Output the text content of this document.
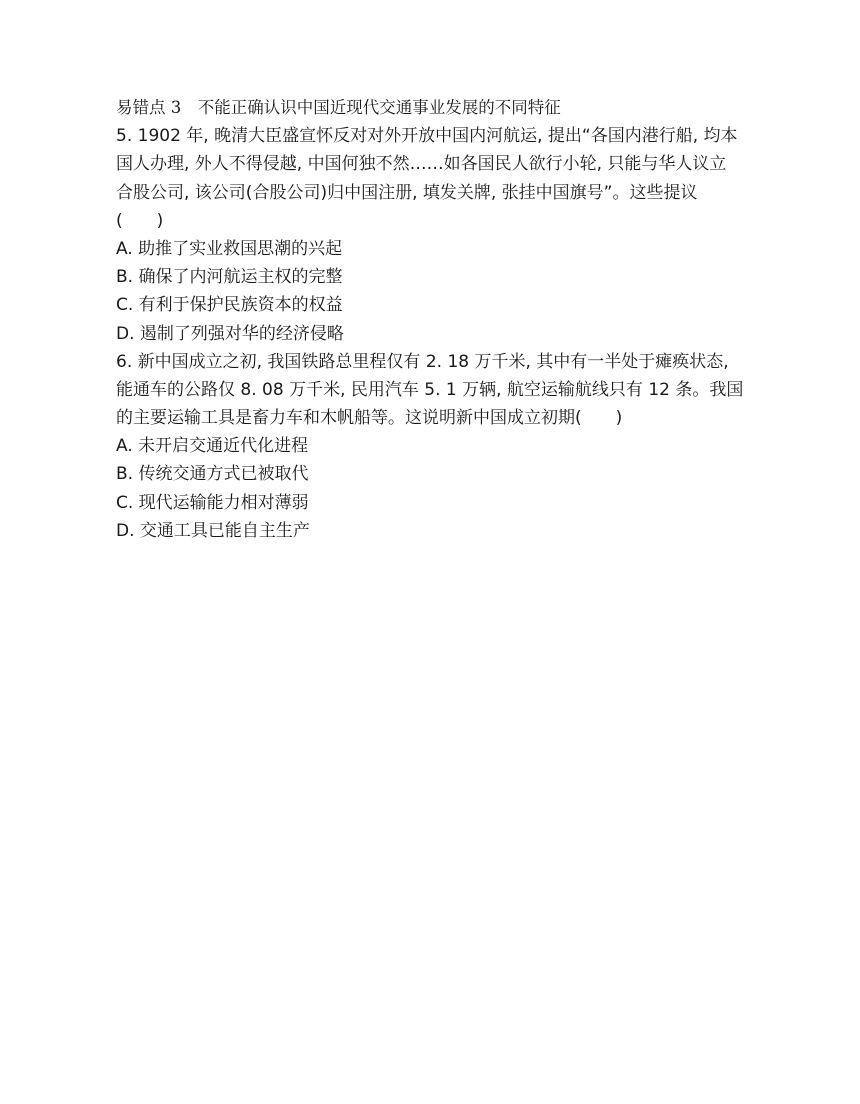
易错点 3　不能正确认识中国近现代交通事业发展的不同特征
5. 1902 年, 晚清大臣盛宣怀反对对外开放中国内河航运, 提出“各国内港行船, 均本
国人办理, 外人不得侵越, 中国何独不然……如各国民人欲行小轮, 只能与华人议立
合股公司, 该公司(合股公司)归中国注册, 填发关牌, 张挂中国旗号”。这些提议
(　　)
A. 助推了实业救国思潮的兴起
B. 确保了内河航运主权的完整
C. 有利于保护民族资本的权益
D. 遏制了列强对华的经济侵略
6. 新中国成立之初, 我国铁路总里程仅有 2. 18 万千米, 其中有一半处于瘫痪状态,
能通车的公路仅 8. 08 万千米, 民用汽车 5. 1 万辆, 航空运输航线只有 12 条。我国
的主要运输工具是畜力车和木帆船等。这说明新中国成立初期(　　)
A. 未开启交通近代化进程
B. 传统交通方式已被取代
C. 现代运输能力相对薄弱
D. 交通工具已能自主生产
